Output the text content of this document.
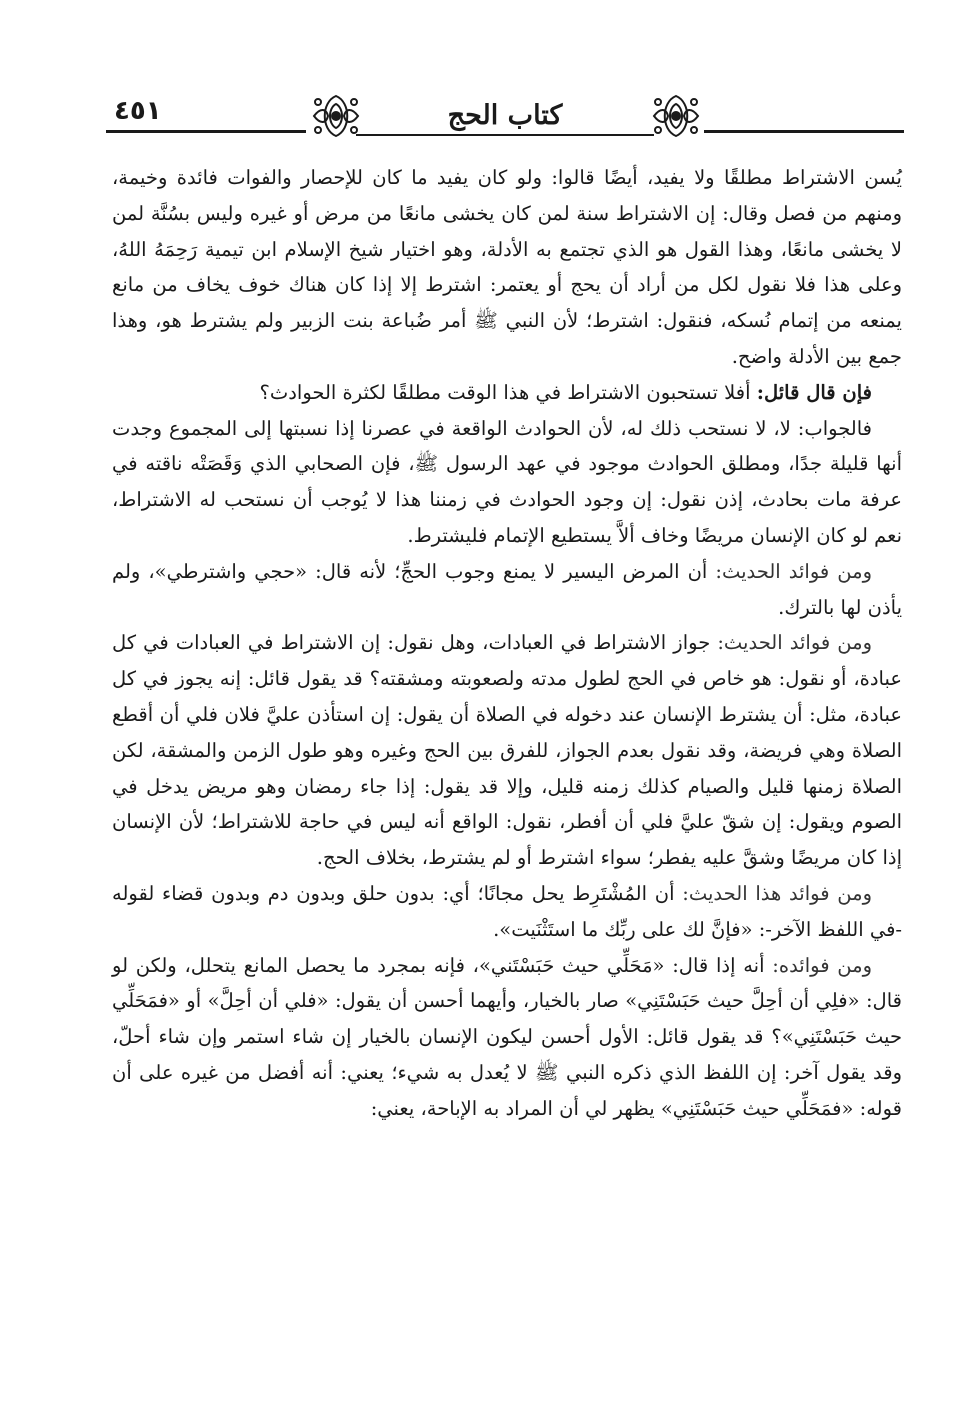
٤٥١	كتاب الحج

يُسن الاشتراط مطلقًا ولا يفيد، أيضًا قالوا: ولو كان يفيد ما كان للإحصار والفوات فائدة وخيمة، ومنهم من فصل وقال: إن الاشتراط سنة لمن كان يخشى مانعًا من مرض أو غيره وليس بسُنَّة لمن لا يخشى مانعًا، وهذا القول هو الذي تجتمع به الأدلة، وهو اختيار شيخ الإسلام ابن تيمية رَحِمَهُ اللهُ، وعلى هذا فلا نقول لكل من أراد أن يحج أو يعتمر: اشترط إلا إذا كان هناك خوف يخاف من مانع يمنعه من إتمام نُسكه، فنقول: اشترط؛ لأن النبي ﷺ أمر ضُباعة بنت الزبير ولم يشترط هو، وهذا جمع بين الأدلة واضح.

فإن قال قائل: أفلا تستحبون الاشتراط في هذا الوقت مطلقًا لكثرة الحوادث؟

فالجواب: لا، لا نستحب ذلك له، لأن الحوادث الواقعة في عصرنا إذا نسبتها إلى المجموع وجدت أنها قليلة جدًا، ومطلق الحوادث موجود في عهد الرسول ﷺ، فإن الصحابي الذي وَقَصَتْه ناقته في عرفة مات بحادث، إذن نقول: إن وجود الحوادث في زمننا هذا لا يُوجب أن نستحب له الاشتراط، نعم لو كان الإنسان مريضًا وخاف ألاَّ يستطيع الإتمام فليشترط.

ومن فوائد الحديث: أن المرض اليسير لا يمنع وجوب الحجِّ؛ لأنه قال: «حجي واشترطي»، ولم يأذن لها بالترك.

ومن فوائد الحديث: جواز الاشتراط في العبادات، وهل نقول: إن الاشتراط في العبادات في كل عبادة، أو نقول: هو خاص في الحج لطول مدته ولصعوبته ومشقته؟ قد يقول قائل: إنه يجوز في كل عبادة، مثل: أن يشترط الإنسان عند دخوله في الصلاة أن يقول: إن استأذن عليَّ فلان فلي أن أقطع الصلاة وهي فريضة، وقد نقول بعدم الجواز، للفرق بين الحج وغيره وهو طول الزمن والمشقة، لكن الصلاة زمنها قليل والصيام كذلك زمنه قليل، وإلا قد يقول: إذا جاء رمضان وهو مريض يدخل في الصوم ويقول: إن شقّ عليَّ فلي أن أفطر، نقول: الواقع أنه ليس في حاجة للاشتراط؛ لأن الإنسان إذا كان مريضًا وشقَّ عليه يفطر؛ سواء اشترط أو لم يشترط، بخلاف الحج.

ومن فوائد هذا الحديث: أن المُشْتَرِط يحل مجانًا؛ أي: بدون حلق وبدون دم وبدون قضاء لقوله -في اللفظ الآخر-: «فإنَّ لك على ربِّك ما استَثْنَيت».

ومن فوائده: أنه إذا قال: «مَحَلِّي حيث حَبَسْتَني»، فإنه بمجرد ما يحصل المانع يتحلل، ولكن لو قال: «فلِي أن أحِلَّ حيث حَبَسْتَنِي» صار بالخيار، وأيهما أحسن أن يقول: «فلي أن أحِلَّ» أو «فمَحَلِّي حيث حَبَسْتَنِي»؟ قد يقول قائل: الأول أحسن ليكون الإنسان بالخيار إن شاء استمر وإن شاء أحلّ، وقد يقول آخر: إن اللفظ الذي ذكره النبي ﷺ لا يُعدل به شيء؛ يعني: أنه أفضل من غيره على أن قوله: «فمَحَلِّي حيث حَبَسْتَنِي» يظهر لي أن المراد به الإباحة، يعني:
